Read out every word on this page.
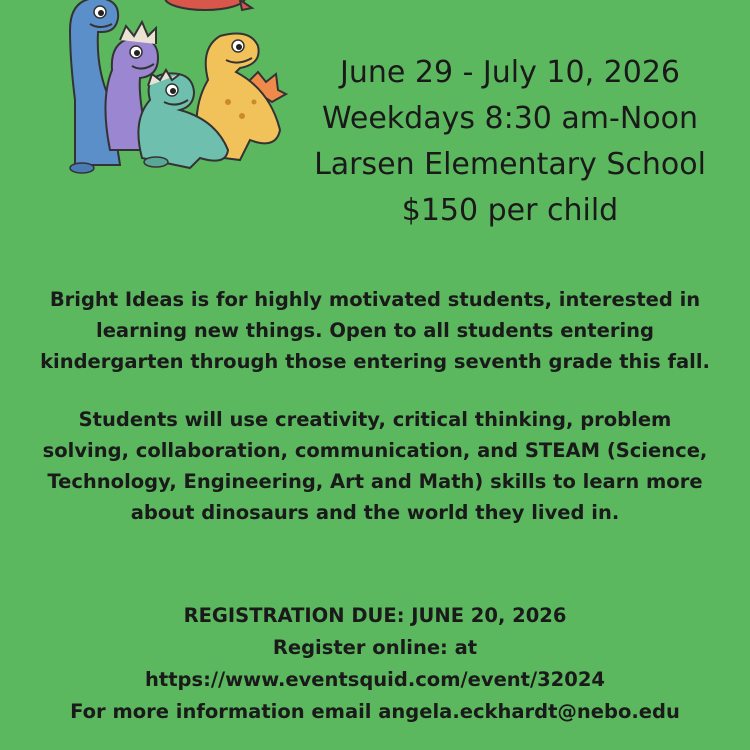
June 29 - July 10, 2026
Weekdays 8:30 am-Noon
Larsen Elementary School
$150 per child
Bright Ideas is for highly motivated students, interested in
learning new things. Open to all students entering
kindergarten through those entering seventh grade this fall.
Students will use creativity, critical thinking, problem
solving, collaboration, communication, and STEAM (Science,
Technology, Engineering, Art and Math) skills to learn more
about dinosaurs and the world they lived in.
REGISTRATION DUE: JUNE 20, 2026
Register online: at
https://www.eventsquid.com/event/32024
For more information email angela.eckhardt@nebo.edu
